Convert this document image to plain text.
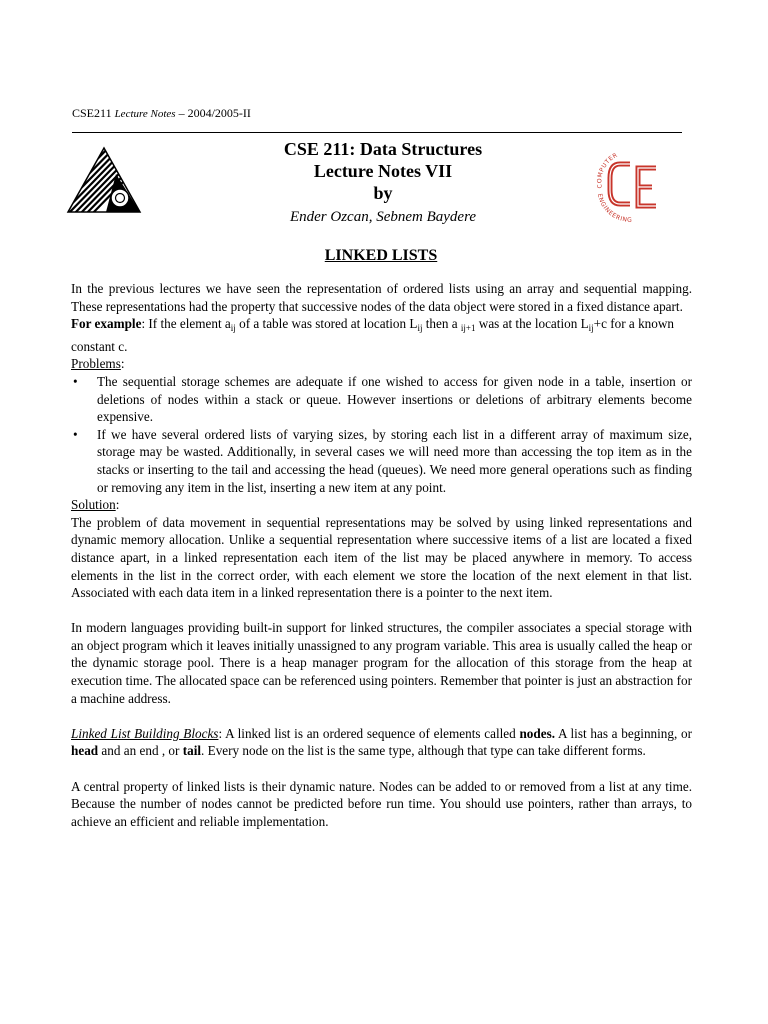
CSE211 Lecture Notes – 2004/2005-II
COMPUTER
ENGINEERING
CSE 211: Data Structures
Lecture Notes VII
by
Ender Ozcan, Sebnem Baydere
LINKED LISTS

In the previous lectures we have seen the representation of ordered lists using an array and sequential mapping. These representations had the property that successive nodes of the data object were stored in a fixed distance apart.

For example: If the element $a_{ij}$ of a table was stored at location $L_{ij}$ then a $_{ij+1}$ was at the location $L_{ij}+c$ for a known constant c.

Problems:

• The sequential storage schemes are adequate if one wished to access for given node in a table, insertion or deletions of nodes within a stack or queue. However insertions or deletions of arbitrary elements become expensive.
• If we have several ordered lists of varying sizes, by storing each list in a different array of maximum size, storage may be wasted. Additionally, in several cases we will need more than accessing the top item as in the stacks or inserting to the tail and accessing the head (queues). We need more general operations such as finding or removing any item in the list, inserting a new item at any point.

Solution:

The problem of data movement in sequential representations may be solved by using linked representations and dynamic memory allocation. Unlike a sequential representation where successive items of a list are located a fixed distance apart, in a linked representation each item of the list may be placed anywhere in memory. To access elements in the list in the correct order, with each element we store the location of the next element in that list. Associated with each data item in a linked representation there is a pointer to the next item.

In modern languages providing built-in support for linked structures, the compiler associates a special storage with an object program which it leaves initially unassigned to any program variable. This area is usually called the heap or the dynamic storage pool. There is a heap manager program for the allocation of this storage from the heap at execution time. The allocated space can be referenced using pointers. Remember that pointer is just an abstraction for a machine address.

Linked List Building Blocks: A linked list is an ordered sequence of elements called nodes. A list has a beginning, or head and an end , or tail. Every node on the list is the same type, although that type can take different forms.

A central property of linked lists is their dynamic nature. Nodes can be added to or removed from a list at any time. Because the number of nodes cannot be predicted before run time. You should use pointers, rather than arrays, to achieve an efficient and reliable implementation.
